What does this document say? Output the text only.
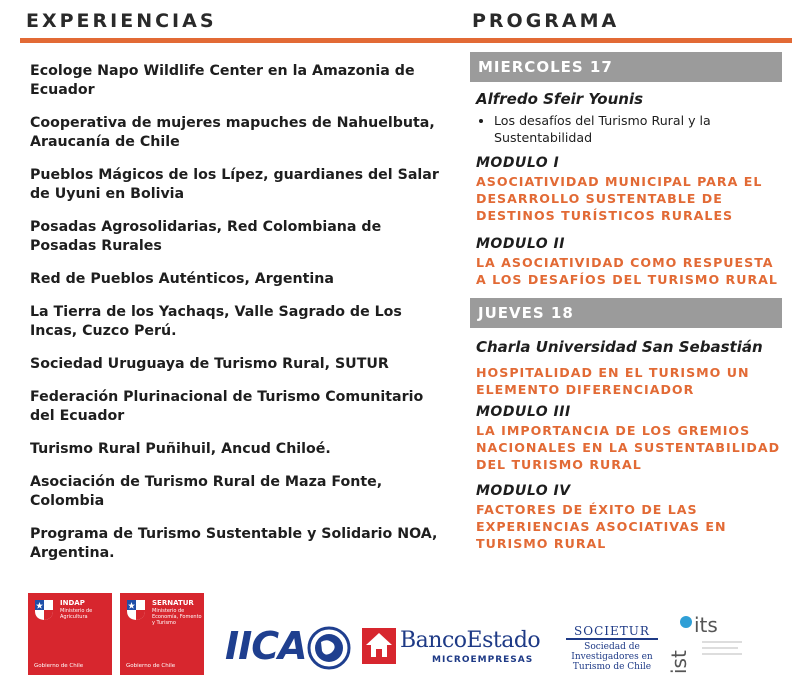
EXPERIENCIAS	PROGRAMA
Ecologe Napo Wildlife Center en la Amazonia de Ecuador
Cooperativa de mujeres mapuches de Nahuelbuta, Araucanía de Chile
Pueblos Mágicos de los Lípez, guardianes del Salar de Uyuni en Bolivia
Posadas Agrosolidarias, Red Colombiana de Posadas Rurales
Red de Pueblos Auténticos, Argentina
La Tierra de los Yachaqs, Valle Sagrado de Los Incas, Cuzco Perú.
Sociedad Uruguaya de Turismo Rural, SUTUR
Federación Plurinacional de Turismo Comunitario del Ecuador
Turismo Rural Puñihuil, Ancud Chiloé.
Asociación de Turismo Rural de Maza Fonte, Colombia
Programa de Turismo Sustentable y Solidario NOA, Argentina.
MIERCOLES 17
Alfredo Sfeir Younis
• Los desafíos del Turismo Rural y la Sustentabilidad
MODULO I
ASOCIATIVIDAD MUNICIPAL PARA EL DESARROLLO SUSTENTABLE DE DESTINOS TURÍSTICOS RURALES
MODULO II
LA ASOCIATIVIDAD COMO RESPUESTA A LOS DESAFÍOS DEL TURISMO RURAL
JUEVES 18
Charla Universidad San Sebastián
HOSPITALIDAD EN EL TURISMO UN ELEMENTO DIFERENCIADOR
MODULO III
LA IMPORTANCIA DE LOS GREMIOS NACIONALES EN LA SUSTENTABILIDAD DEL TURISMO RURAL
MODULO IV
FACTORES DE ÉXITO DE LAS EXPERIENCIAS ASOCIATIVAS EN TURISMO RURAL
INDAP
Ministerio de Agricultura
Gobierno de Chile
SERNATUR
Ministerio de Economía, Fomento y Turismo
Gobierno de Chile IICA	BancoEstado
MICROEMPRESAS
SOCIETUR
Sociedad de Investigadores en Turismo de Chile
its
ist
